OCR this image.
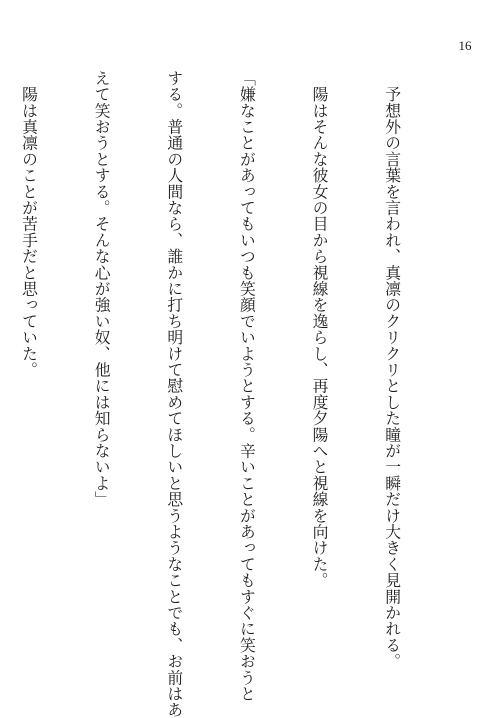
16

　予想外の言葉を言われ、真凛のクリクリとした瞳が一瞬だけ大きく見開かれる。

　陽はそんな彼女の目から視線を逸らし、再度夕陽へと視線を向けた。

「嫌なことがあってもいつも笑顔でいようとする。辛いことがあってもすぐに笑おうと

する。普通の人間なら、誰かに打ち明けて慰めてほしいと思うようなことでも、お前はあ

えて笑おうとする。そんな心が強い奴、他には知らないよ」

　陽は真凛のことが苦手だと思っていた。
